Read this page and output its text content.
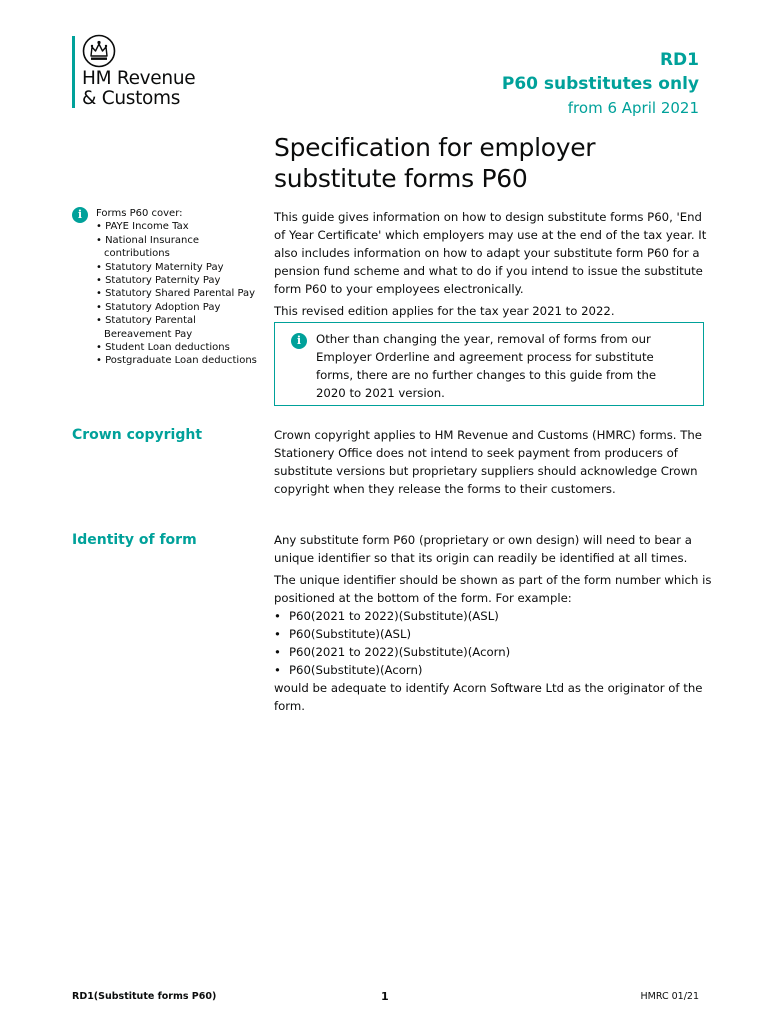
HM Revenue
& Customs
RD1
P60 substitutes only
from 6 April 2021
Specification for employer substitute forms P60
i	Forms P60 cover:
• PAYE Income Tax
• National Insurance contributions
• Statutory Maternity Pay
• Statutory Paternity Pay
• Statutory Shared Parental Pay
• Statutory Adoption Pay
• Statutory Parental Bereavement Pay
• Student Loan deductions
• Postgraduate Loan deductions

This guide gives information on how to design substitute forms P60, 'End of Year Certificate' which employers may use at the end of the tax year. It also includes information on how to adapt your substitute form P60 for a pension fund scheme and what to do if you intend to issue the substitute form P60 to your employees electronically.

This revised edition applies for the tax year 2021 to 2022.

i	Other than changing the year, removal of forms from our Employer Orderline and agreement process for substitute forms, there are no further changes to this guide from the 2020 to 2021 version.
Crown copyright	Crown copyright applies to HM Revenue and Customs (HMRC) forms. The Stationery Office does not intend to seek payment from producers of substitute versions but proprietary suppliers should acknowledge Crown copyright when they release the forms to their customers.

Identity of form	Any substitute form P60 (proprietary or own design) will need to bear a unique identifier so that its origin can readily be identified at all times.

The unique identifier should be shown as part of the form number which is positioned at the bottom of the form. For example:

• P60(2021 to 2022)(Substitute)(ASL)
• P60(Substitute)(ASL)
• P60(2021 to 2022)(Substitute)(Acorn)
• P60(Substitute)(Acorn)

would be adequate to identify Acorn Software Ltd as the originator of the form.

RD1(Substitute forms P60)	1	HMRC 01/21
